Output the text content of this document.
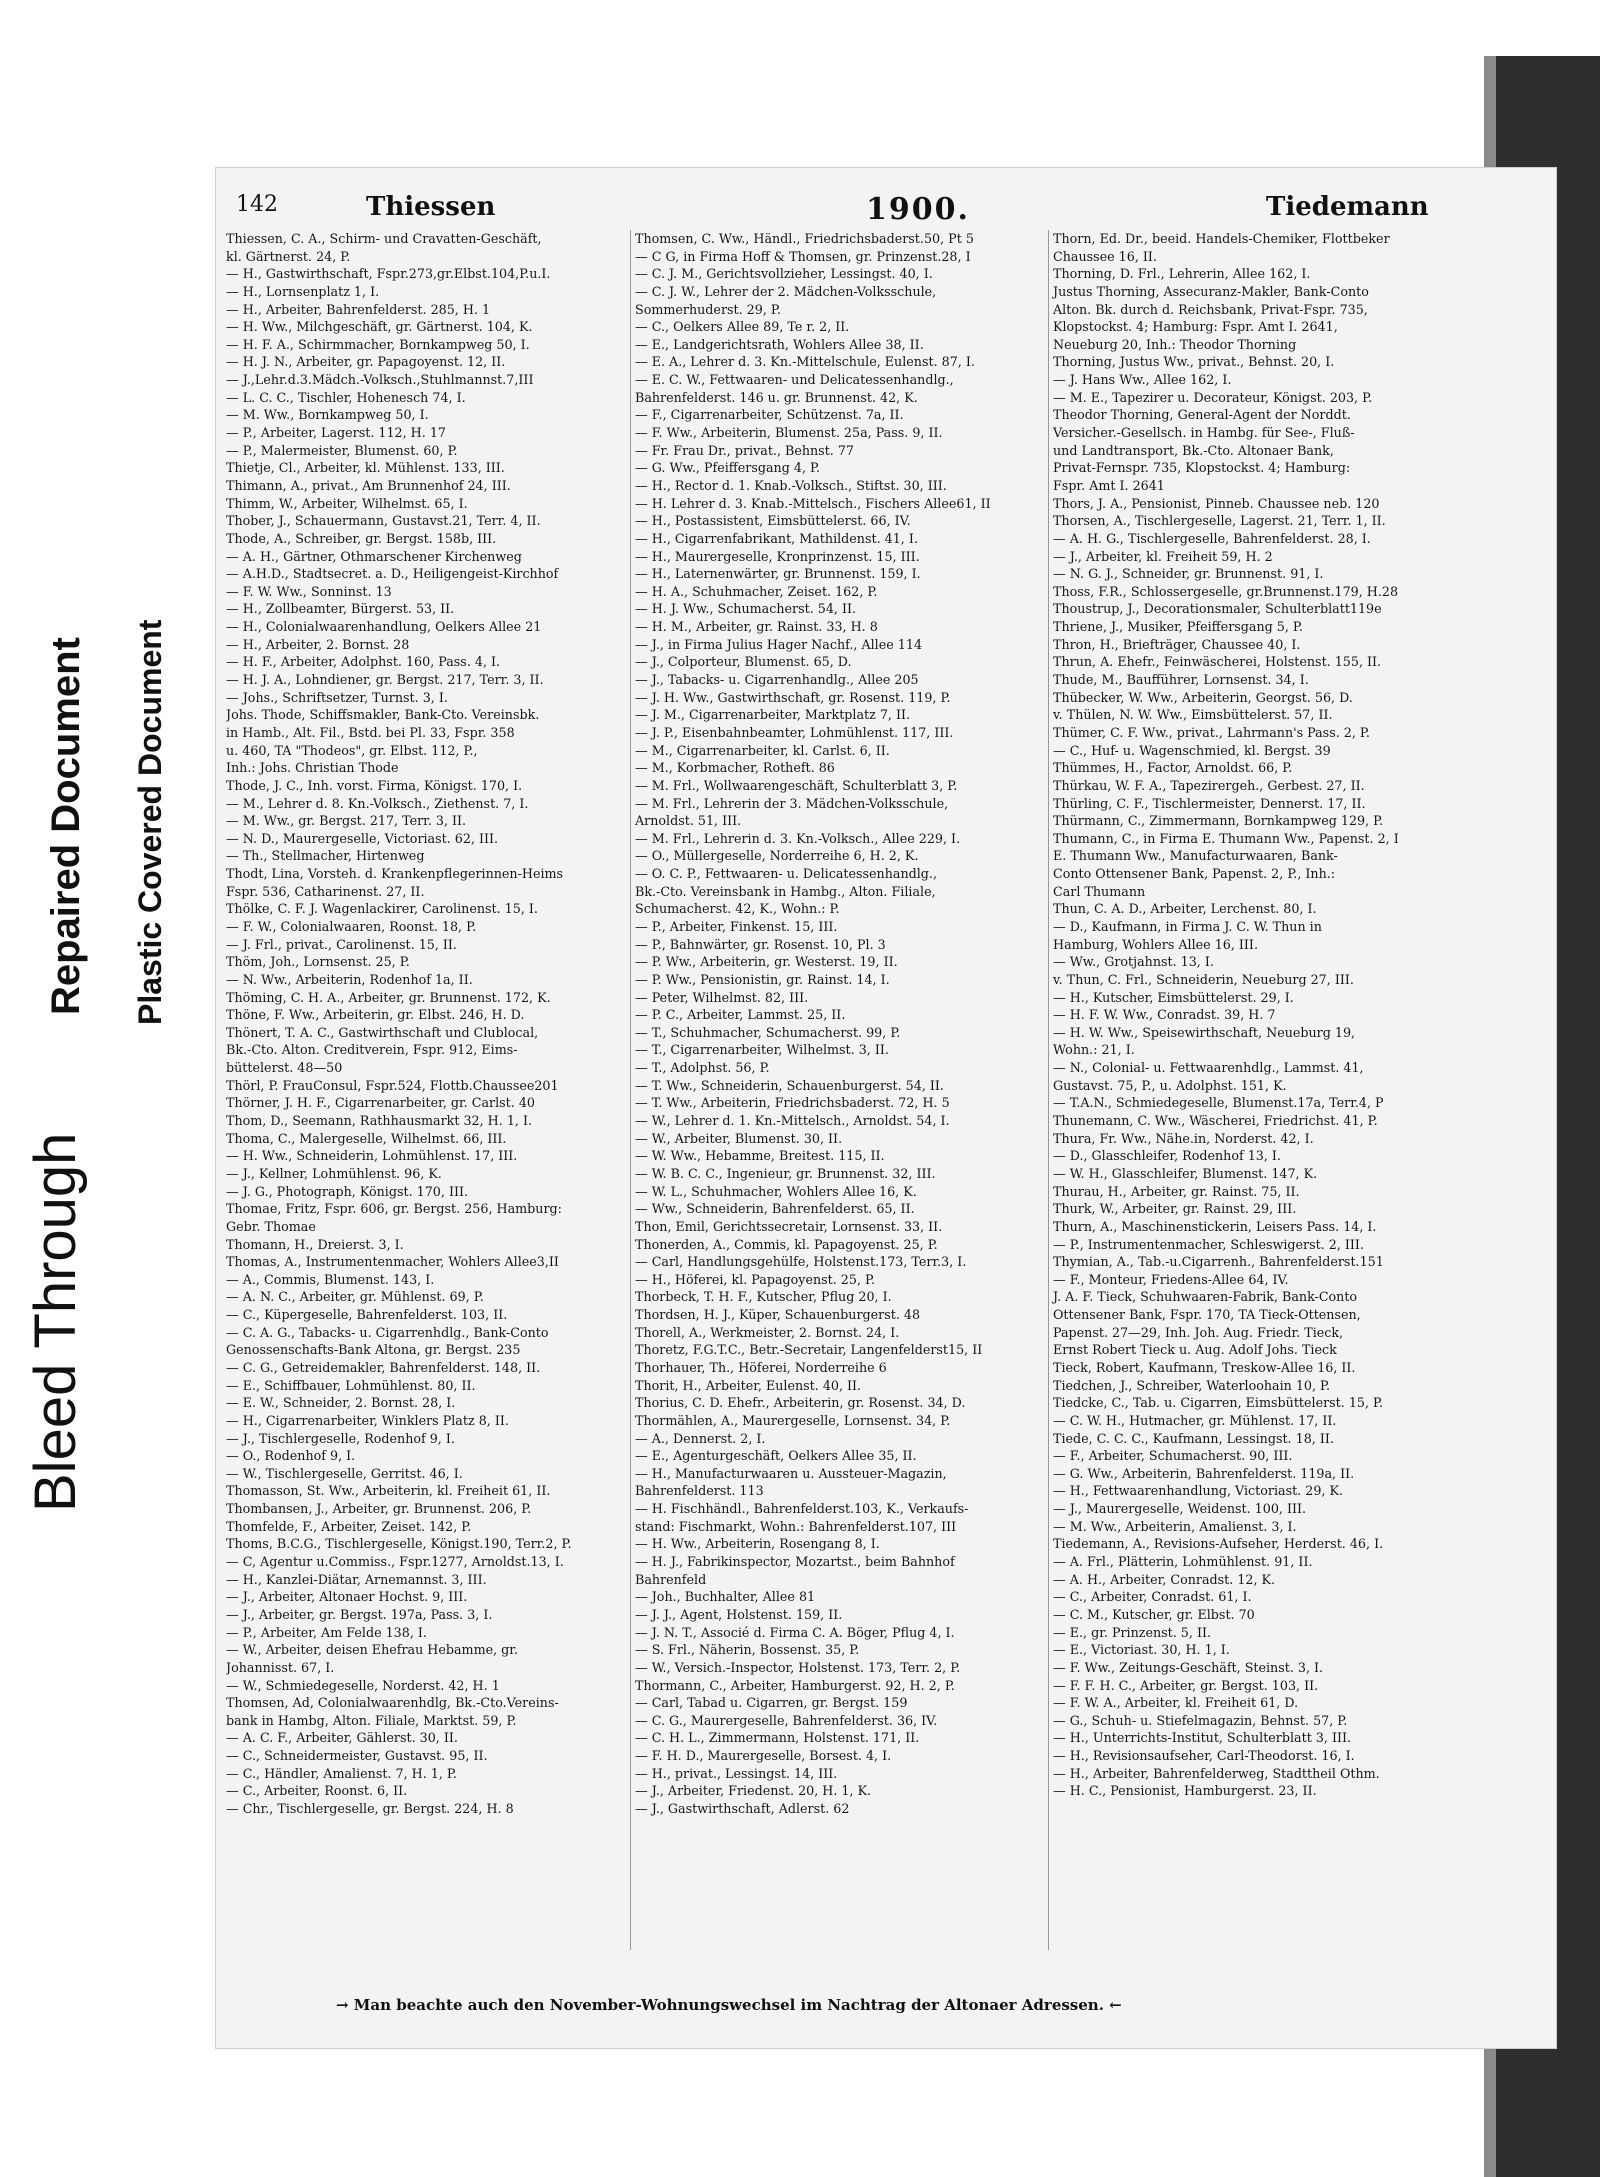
Bleed Through
Repaired Document Plastic Covered Document
142	Thiessen	1900.	Tiedemann
Thiessen, C. A., Schirm- und Cravatten-Geschäft,
kl. Gärtnerst. 24, P.
— H., Gastwirthschaft, Fspr.273,gr.Elbst.104,P.u.I.
— H., Lornsenplatz 1, I.
— H., Arbeiter, Bahrenfelderst. 285, H. 1
— H. Ww., Milchgeschäft, gr. Gärtnerst. 104, K.
— H. F. A., Schirmmacher, Bornkampweg 50, I.
— H. J. N., Arbeiter, gr. Papagoyenst. 12, II.
— J.,Lehr.d.3.Mädch.-Volksch.,Stuhlmannst.7,III
— L. C. C., Tischler, Hohenesch 74, I.
— M. Ww., Bornkampweg 50, I.
— P., Arbeiter, Lagerst. 112, H. 17
— P., Malermeister, Blumenst. 60, P.
Thietje, Cl., Arbeiter, kl. Mühlenst. 133, III.
Thimann, A., privat., Am Brunnenhof 24, III.
Thimm, W., Arbeiter, Wilhelmst. 65, I.
Thober, J., Schauermann, Gustavst.21, Terr. 4, II.
Thode, A., Schreiber, gr. Bergst. 158b, III.
— A. H., Gärtner, Othmarschener Kirchenweg
— A.H.D., Stadtsecret. a. D., Heiligengeist-Kirchhof
— F. W. Ww., Sonninst. 13
— H., Zollbeamter, Bürgerst. 53, II.
— H., Colonialwaarenhandlung, Oelkers Allee 21
— H., Arbeiter, 2. Bornst. 28
— H. F., Arbeiter, Adolphst. 160, Pass. 4, I.
— H. J. A., Lohndiener, gr. Bergst. 217, Terr. 3, II.
— Johs., Schriftsetzer, Turnst. 3, I.
Johs. Thode, Schiffsmakler, Bank-Cto. Vereinsbk.
in Hamb., Alt. Fil., Bstd. bei Pl. 33, Fspr. 358
u. 460, TA "Thodeos", gr. Elbst. 112, P.,
Inh.: Johs. Christian Thode
Thode, J. C., Inh. vorst. Firma, Königst. 170, I.
— M., Lehrer d. 8. Kn.-Volksch., Ziethenst. 7, I.
— M. Ww., gr. Bergst. 217, Terr. 3, II.
— N. D., Maurergeselle, Victoriast. 62, III.
— Th., Stellmacher, Hirtenweg
Thodt, Lina, Vorsteh. d. Krankenpflegerinnen-Heims
Fspr. 536, Catharinenst. 27, II.
Thölke, C. F. J. Wagenlackirer, Carolinenst. 15, I.
— F. W., Colonialwaaren, Roonst. 18, P.
— J. Frl., privat., Carolinenst. 15, II.
Thöm, Joh., Lornsenst. 25, P.
— N. Ww., Arbeiterin, Rodenhof 1a, II.
Thöming, C. H. A., Arbeiter, gr. Brunnenst. 172, K.
Thöne, F. Ww., Arbeiterin, gr. Elbst. 246, H. D.
Thönert, T. A. C., Gastwirthschaft und Clublocal,
Bk.-Cto. Alton. Creditverein, Fspr. 912, Eims-
büttelerst. 48—50
Thörl, P. FrauConsul, Fspr.524, Flottb.Chaussee201
Thörner, J. H. F., Cigarrenarbeiter, gr. Carlst. 40
Thom, D., Seemann, Rathhausmarkt 32, H. 1, I.
Thoma, C., Malergeselle, Wilhelmst. 66, III.
— H. Ww., Schneiderin, Lohmühlenst. 17, III.
— J., Kellner, Lohmühlenst. 96, K.
— J. G., Photograph, Königst. 170, III.
Thomae, Fritz, Fspr. 606, gr. Bergst. 256, Hamburg:
Gebr. Thomae
Thomann, H., Dreierst. 3, I.
Thomas, A., Instrumentenmacher, Wohlers Allee3,II
— A., Commis, Blumenst. 143, I.
— A. N. C., Arbeiter, gr. Mühlenst. 69, P.
— C., Küpergeselle, Bahrenfelderst. 103, II.
— C. A. G., Tabacks- u. Cigarrenhdlg., Bank-Conto
Genossenschafts-Bank Altona, gr. Bergst. 235
— C. G., Getreidemakler, Bahrenfelderst. 148, II.
— E., Schiffbauer, Lohmühlenst. 80, II.
— E. W., Schneider, 2. Bornst. 28, I.
— H., Cigarrenarbeiter, Winklers Platz 8, II.
— J., Tischlergeselle, Rodenhof 9, I.
— O., Rodenhof 9, I.
— W., Tischlergeselle, Gerritst. 46, I.
Thomasson, St. Ww., Arbeiterin, kl. Freiheit 61, II.
Thombansen, J., Arbeiter, gr. Brunnenst. 206, P.
Thomfelde, F., Arbeiter, Zeiset. 142, P.
Thoms, B.C.G., Tischlergeselle, Königst.190, Terr.2, P.
— C, Agentur u.Commiss., Fspr.1277, Arnoldst.13, I.
— H., Kanzlei-Diätar, Arnemannst. 3, III.
— J., Arbeiter, Altonaer Hochst. 9, III.
— J., Arbeiter, gr. Bergst. 197a, Pass. 3, I.
— P., Arbeiter, Am Felde 138, I.
— W., Arbeiter, deisen Ehefrau Hebamme, gr.
Johannisst. 67, I.
— W., Schmiedegeselle, Norderst. 42, H. 1
Thomsen, Ad, Colonialwaarenhdlg, Bk.-Cto.Vereins-
bank in Hambg, Alton. Filiale, Marktst. 59, P.
— A. C. F., Arbeiter, Gählerst. 30, II.
— C., Schneidermeister, Gustavst. 95, II.
— C., Händler, Amalienst. 7, H. 1, P.
— C., Arbeiter, Roonst. 6, II.
— Chr., Tischlergeselle, gr. Bergst. 224, H. 8
Thomsen, C. Ww., Händl., Friedrichsbaderst.50, Pt 5
— C G, in Firma Hoff & Thomsen, gr. Prinzenst.28, I
— C. J. M., Gerichtsvollzieher, Lessingst. 40, I.
— C. J. W., Lehrer der 2. Mädchen-Volksschule,
Sommerhuderst. 29, P.
— C., Oelkers Allee 89, Te r. 2, II.
— E., Landgerichtsrath, Wohlers Allee 38, II.
— E. A., Lehrer d. 3. Kn.-Mittelschule, Eulenst. 87, I.
— E. C. W., Fettwaaren- und Delicatessenhandlg.,
Bahrenfelderst. 146 u. gr. Brunnenst. 42, K.
— F., Cigarrenarbeiter, Schützenst. 7a, II.
— F. Ww., Arbeiterin, Blumenst. 25a, Pass. 9, II.
— Fr. Frau Dr., privat., Behnst. 77
— G. Ww., Pfeiffersgang 4, P.
— H., Rector d. 1. Knab.-Volksch., Stiftst. 30, III.
— H. Lehrer d. 3. Knab.-Mittelsch., Fischers Allee61, II
— H., Postassistent, Eimsbüttelerst. 66, IV.
— H., Cigarrenfabrikant, Mathildenst. 41, I.
— H., Maurergeselle, Kronprinzenst. 15, III.
— H., Laternenwärter, gr. Brunnenst. 159, I.
— H. A., Schuhmacher, Zeiset. 162, P.
— H. J. Ww., Schumacherst. 54, II.
— H. M., Arbeiter, gr. Rainst. 33, H. 8
— J., in Firma Julius Hager Nachf., Allee 114
— J., Colporteur, Blumenst. 65, D.
— J., Tabacks- u. Cigarrenhandlg., Allee 205
— J. H. Ww., Gastwirthschaft, gr. Rosenst. 119, P.
— J. M., Cigarrenarbeiter, Marktplatz 7, II.
— J. P., Eisenbahnbeamter, Lohmühlenst. 117, III.
— M., Cigarrenarbeiter, kl. Carlst. 6, II.
— M., Korbmacher, Rotheft. 86
— M. Frl., Wollwaarengeschäft, Schulterblatt 3, P.
— M. Frl., Lehrerin der 3. Mädchen-Volksschule,
Arnoldst. 51, III.
— M. Frl., Lehrerin d. 3. Kn.-Volksch., Allee 229, I.
— O., Müllergeselle, Norderreihe 6, H. 2, K.
— O. C. P., Fettwaaren- u. Delicatessenhandlg.,
Bk.-Cto. Vereinsbank in Hambg., Alton. Filiale,
Schumacherst. 42, K., Wohn.: P.
— P., Arbeiter, Finkenst. 15, III.
— P., Bahnwärter, gr. Rosenst. 10, Pl. 3
— P. Ww., Arbeiterin, gr. Westerst. 19, II.
— P. Ww., Pensionistin, gr. Rainst. 14, I.
— Peter, Wilhelmst. 82, III.
— P. C., Arbeiter, Lammst. 25, II.
— T., Schuhmacher, Schumacherst. 99, P.
— T., Cigarrenarbeiter, Wilhelmst. 3, II.
— T., Adolphst. 56, P.
— T. Ww., Schneiderin, Schauenburgerst. 54, II.
— T. Ww., Arbeiterin, Friedrichsbaderst. 72, H. 5
— W., Lehrer d. 1. Kn.-Mittelsch., Arnoldst. 54, I.
— W., Arbeiter, Blumenst. 30, II.
— W. Ww., Hebamme, Breitest. 115, II.
— W. B. C. C., Ingenieur, gr. Brunnenst. 32, III.
— W. L., Schuhmacher, Wohlers Allee 16, K.
— Ww., Schneiderin, Bahrenfelderst. 65, II.
Thon, Emil, Gerichtssecretair, Lornsenst. 33, II.
Thonerden, A., Commis, kl. Papagoyenst. 25, P.
— Carl, Handlungsgehülfe, Holstenst.173, Terr.3, I.
— H., Höferei, kl. Papagoyenst. 25, P.
Thorbeck, T. H. F., Kutscher, Pflug 20, I.
Thordsen, H. J., Küper, Schauenburgerst. 48
Thorell, A., Werkmeister, 2. Bornst. 24, I.
Thoretz, F.G.T.C., Betr.-Secretair, Langenfelderst15, II
Thorhauer, Th., Höferei, Norderreihe 6
Thorit, H., Arbeiter, Eulenst. 40, II.
Thorius, C. D. Ehefr., Arbeiterin, gr. Rosenst. 34, D.
Thormählen, A., Maurergeselle, Lornsenst. 34, P.
— A., Dennerst. 2, I.
— E., Agenturgeschäft, Oelkers Allee 35, II.
— H., Manufacturwaaren u. Aussteuer-Magazin,
Bahrenfelderst. 113
— H. Fischhändl., Bahrenfelderst.103, K., Verkaufs-
stand: Fischmarkt, Wohn.: Bahrenfelderst.107, III
— H. Ww., Arbeiterin, Rosengang 8, I.
— H. J., Fabrikinspector, Mozartst., beim Bahnhof
Bahrenfeld
— Joh., Buchhalter, Allee 81
— J. J., Agent, Holstenst. 159, II.
— J. N. T., Associé d. Firma C. A. Böger, Pflug 4, I.
— S. Frl., Näherin, Bossenst. 35, P.
— W., Versich.-Inspector, Holstenst. 173, Terr. 2, P.
Thormann, C., Arbeiter, Hamburgerst. 92, H. 2, P.
— Carl, Tabad u. Cigarren, gr. Bergst. 159
— C. G., Maurergeselle, Bahrenfelderst. 36, IV.
— C. H. L., Zimmermann, Holstenst. 171, II.
— F. H. D., Maurergeselle, Borsest. 4, I.
— H., privat., Lessingst. 14, III.
— J., Arbeiter, Friedenst. 20, H. 1, K.
— J., Gastwirthschaft, Adlerst. 62
Thorn, Ed. Dr., beeid. Handels-Chemiker, Flottbeker
Chaussee 16, II.
Thorning, D. Frl., Lehrerin, Allee 162, I.
Justus Thorning, Assecuranz-Makler, Bank-Conto
Alton. Bk. durch d. Reichsbank, Privat-Fspr. 735,
Klopstockst. 4; Hamburg: Fspr. Amt I. 2641,
Neueburg 20, Inh.: Theodor Thorning
Thorning, Justus Ww., privat., Behnst. 20, I.
— J. Hans Ww., Allee 162, I.
— M. E., Tapezirer u. Decorateur, Königst. 203, P.
Theodor Thorning, General-Agent der Norddt.
Versicher.-Gesellsch. in Hambg. für See-, Fluß-
und Landtransport, Bk.-Cto. Altonaer Bank,
Privat-Fernspr. 735, Klopstockst. 4; Hamburg:
Fspr. Amt I. 2641
Thors, J. A., Pensionist, Pinneb. Chaussee neb. 120
Thorsen, A., Tischlergeselle, Lagerst. 21, Terr. 1, II.
— A. H. G., Tischlergeselle, Bahrenfelderst. 28, I.
— J., Arbeiter, kl. Freiheit 59, H. 2
— N. G. J., Schneider, gr. Brunnenst. 91, I.
Thoss, F.R., Schlossergeselle, gr.Brunnenst.179, H.28
Thoustrup, J., Decorationsmaler, Schulterblatt119e
Thriene, J., Musiker, Pfeiffersgang 5, P.
Thron, H., Briefträger, Chaussee 40, I.
Thrun, A. Ehefr., Feinwäscherei, Holstenst. 155, II.
Thude, M., Baufführer, Lornsenst. 34, I.
Thübecker, W. Ww., Arbeiterin, Georgst. 56, D.
v. Thülen, N. W. Ww., Eimsbüttelerst. 57, II.
Thümer, C. F. Ww., privat., Lahrmann's Pass. 2, P.
— C., Huf- u. Wagenschmied, kl. Bergst. 39
Thümmes, H., Factor, Arnoldst. 66, P.
Thürkau, W. F. A., Tapezirergeh., Gerbest. 27, II.
Thürling, C. F., Tischlermeister, Dennerst. 17, II.
Thürmann, C., Zimmermann, Bornkampweg 129, P.
Thumann, C., in Firma E. Thumann Ww., Papenst. 2, I
E. Thumann Ww., Manufacturwaaren, Bank-
Conto Ottensener Bank, Papenst. 2, P., Inh.:
Carl Thumann
Thun, C. A. D., Arbeiter, Lerchenst. 80, I.
— D., Kaufmann, in Firma J. C. W. Thun in
Hamburg, Wohlers Allee 16, III.
— Ww., Grotjahnst. 13, I.
v. Thun, C. Frl., Schneiderin, Neueburg 27, III.
— H., Kutscher, Eimsbüttelerst. 29, I.
— H. F. W. Ww., Conradst. 39, H. 7
— H. W. Ww., Speisewirthschaft, Neueburg 19,
Wohn.: 21, I.
— N., Colonial- u. Fettwaarenhdlg., Lammst. 41,
Gustavst. 75, P., u. Adolphst. 151, K.
— T.A.N., Schmiedegeselle, Blumenst.17a, Terr.4, P
Thunemann, C. Ww., Wäscherei, Friedrichst. 41, P.
Thura, Fr. Ww., Nähe.in, Norderst. 42, I.
— D., Glasschleifer, Rodenhof 13, I.
— W. H., Glasschleifer, Blumenst. 147, K.
Thurau, H., Arbeiter, gr. Rainst. 75, II.
Thurk, W., Arbeiter, gr. Rainst. 29, III.
Thurn, A., Maschinenstickerin, Leisers Pass. 14, I.
— P., Instrumentenmacher, Schleswigerst. 2, III.
Thymian, A., Tab.-u.Cigarrenh., Bahrenfelderst.151
— F., Monteur, Friedens-Allee 64, IV.
J. A. F. Tieck, Schuhwaaren-Fabrik, Bank-Conto
Ottensener Bank, Fspr. 170, TA Tieck-Ottensen,
Papenst. 27—29, Inh. Joh. Aug. Friedr. Tieck,
Ernst Robert Tieck u. Aug. Adolf Johs. Tieck
Tieck, Robert, Kaufmann, Treskow-Allee 16, II.
Tiedchen, J., Schreiber, Waterloohain 10, P.
Tiedcke, C., Tab. u. Cigarren, Eimsbüttelerst. 15, P.
— C. W. H., Hutmacher, gr. Mühlenst. 17, II.
Tiede, C. C. C., Kaufmann, Lessingst. 18, II.
— F., Arbeiter, Schumacherst. 90, III.
— G. Ww., Arbeiterin, Bahrenfelderst. 119a, II.
— H., Fettwaarenhandlung, Victoriast. 29, K.
— J., Maurergeselle, Weidenst. 100, III.
— M. Ww., Arbeiterin, Amalienst. 3, I.
Tiedemann, A., Revisions-Aufseher, Herderst. 46, I.
— A. Frl., Plätterin, Lohmühlenst. 91, II.
— A. H., Arbeiter, Conradst. 12, K.
— C., Arbeiter, Conradst. 61, I.
— C. M., Kutscher, gr. Elbst. 70
— E., gr. Prinzenst. 5, II.
— E., Victoriast. 30, H. 1, I.
— F. Ww., Zeitungs-Geschäft, Steinst. 3, I.
— F. F. H. C., Arbeiter, gr. Bergst. 103, II.
— F. W. A., Arbeiter, kl. Freiheit 61, D.
— G., Schuh- u. Stiefelmagazin, Behnst. 57, P.
— H., Unterrichts-Institut, Schulterblatt 3, III.
— H., Revisionsaufseher, Carl-Theodorst. 16, I.
— H., Arbeiter, Bahrenfelderweg, Stadttheil Othm.
— H. C., Pensionist, Hamburgerst. 23, II.
→ Man beachte auch den November-Wohnungswechsel im Nachtrag der Altonaer Adressen. ←
